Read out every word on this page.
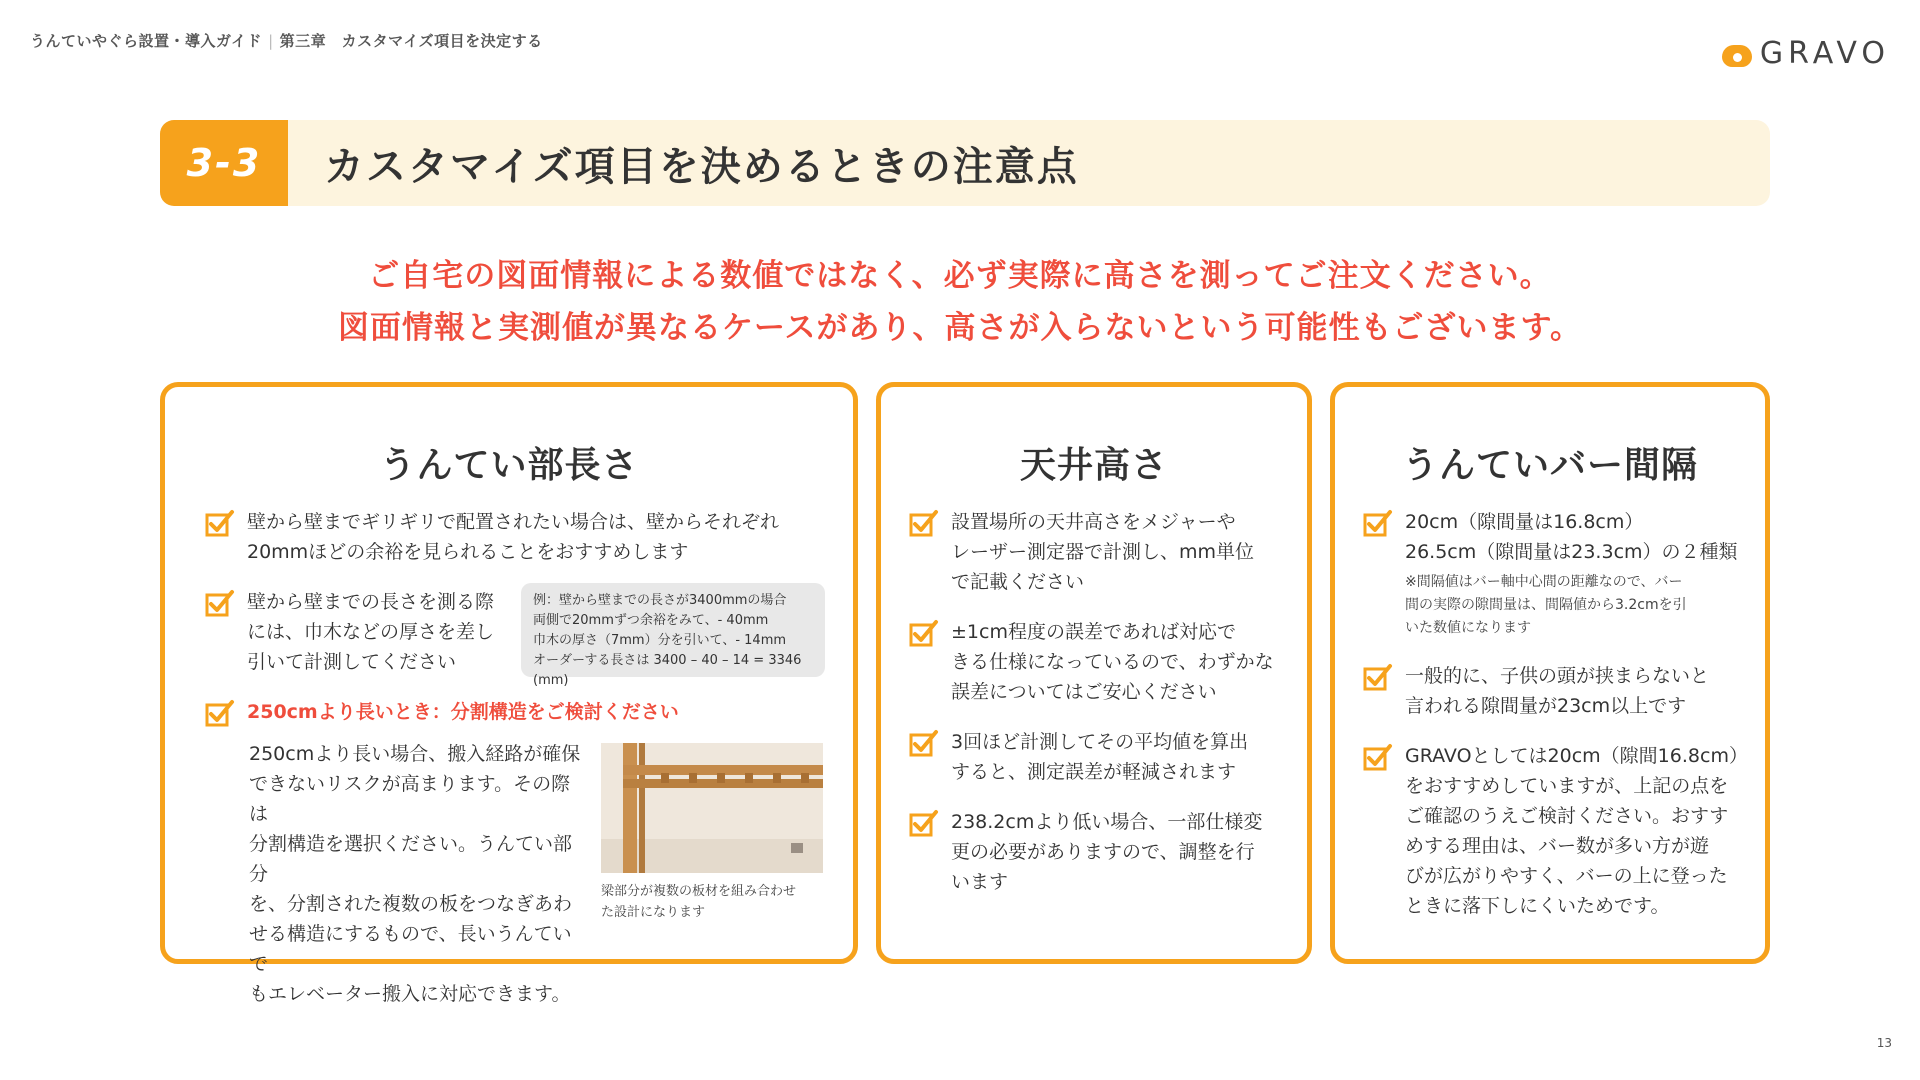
うんていやぐら設置・導入ガイド | 第三章　カスタマイズ項目を決定する	GRAVO
3-3	カスタマイズ項目を決めるときの注意点
ご自宅の図面情報による数値ではなく、必ず実際に高さを測ってご注文ください。
図面情報と実測値が異なるケースがあり、高さが入らないという可能性もございます。
うんてい部長さ
壁から壁までギリギリで配置されたい場合は、壁からそれぞれ
20mmほどの余裕を見られることをおすすめします
壁から壁までの長さを測る際
には、巾木などの厚さを差し
引いて計測してください
例：壁から壁までの長さが3400mmの場合
両側で20mmずつ余裕をみて、- 40mm
巾木の厚さ（7mm）分を引いて、- 14mm
オーダーする長さは 3400 – 40 – 14 = 3346 (mm)
250cmより長いとき：分割構造をご検討ください
250cmより長い場合、搬入経路が確保
できないリスクが高まります。その際は
分割構造を選択ください。うんてい部分
を、分割された複数の板をつなぎあわ
せる構造にするもので、長いうんていで
もエレベーター搬入に対応できます。
梁部分が複数の板材を組み合わせ
た設計になります
天井高さ
設置場所の天井高さをメジャーや
レーザー測定器で計測し、mm単位
で記載ください
±1cm程度の誤差であれば対応で
きる仕様になっているので、わずかな
誤差についてはご安心ください
3回ほど計測してその平均値を算出
すると、測定誤差が軽減されます
238.2cmより低い場合、一部仕様変
更の必要がありますので、調整を行
います
うんていバー間隔
20cm（隙間量は16.8cm）
26.5cm（隙間量は23.3cm）の２種類
※間隔値はバー軸中心間の距離なので、バー
間の実際の隙間量は、間隔値から3.2cmを引
いた数値になります
一般的に、子供の頭が挟まらないと
言われる隙間量が23cm以上です
GRAVOとしては20cm（隙間16.8cm）
をおすすめしていますが、上記の点を
ご確認のうえご検討ください。おすす
めする理由は、バー数が多い方が遊
びが広がりやすく、バーの上に登った
ときに落下しにくいためです。
13
